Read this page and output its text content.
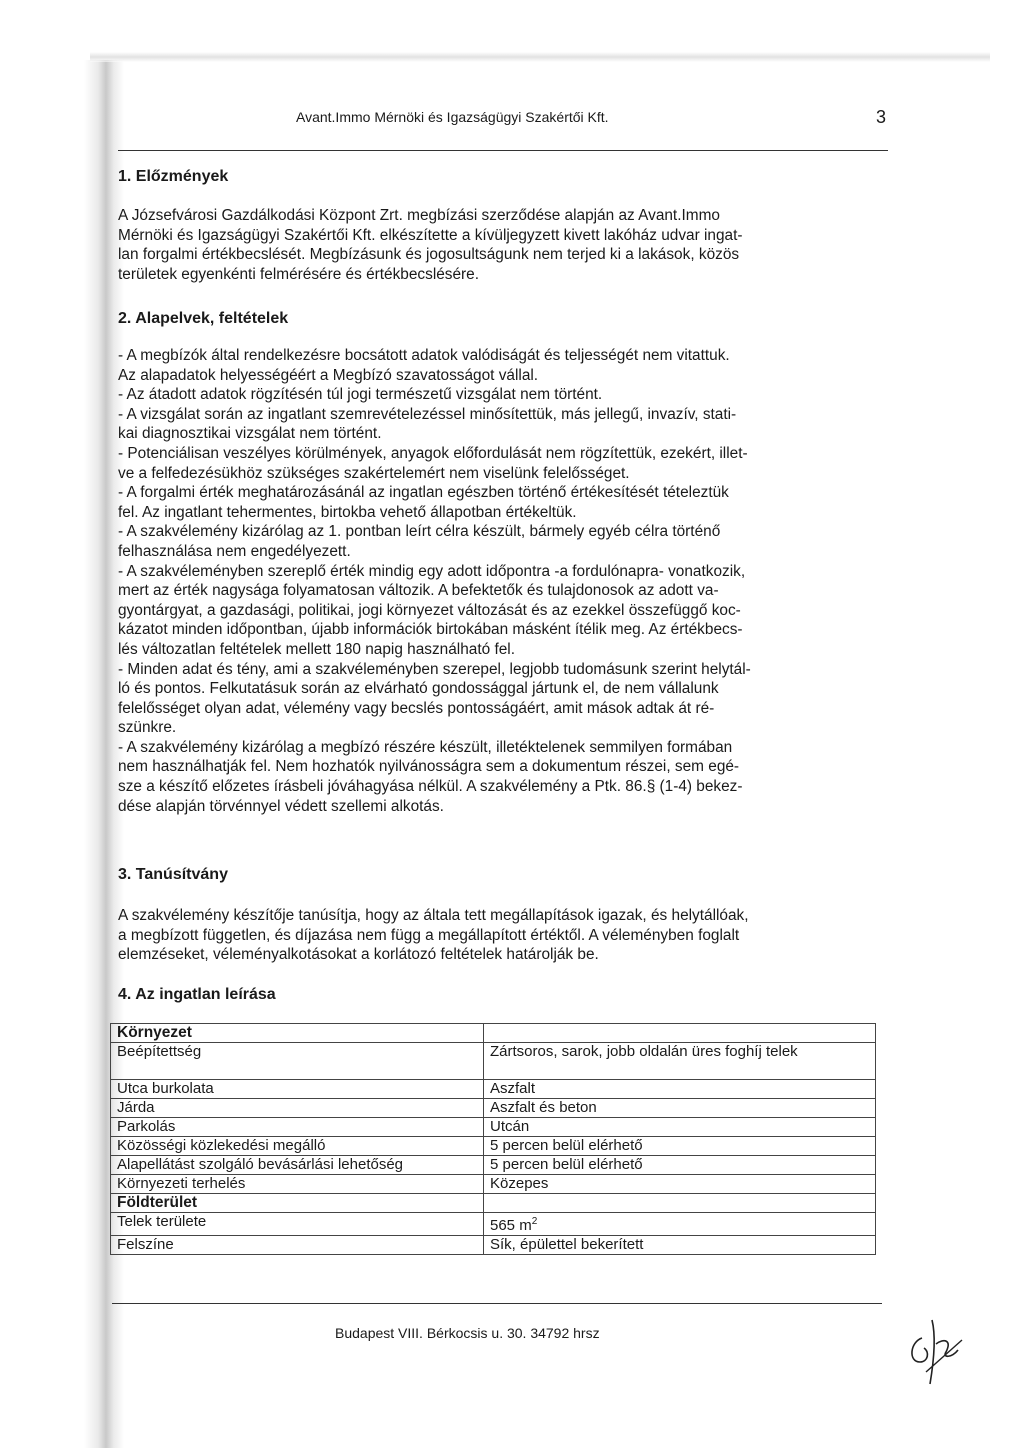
Avant.Immo Mérnöki és Igazságügyi Szakértői Kft.	3
1. Előzmények

A Józsefvárosi Gazdálkodási Központ Zrt. megbízási szerződése alapján az Avant.Immo

Mérnöki és Igazságügyi Szakértői Kft. elkészítette a kívüljegyzett kivett lakóház udvar ingat-

lan forgalmi értékbecslését. Megbízásunk és jogosultságunk nem terjed ki a lakások, közös

területek egyenkénti felmérésére és értékbecslésére.

2. Alapelvek, feltételek

- A megbízók által rendelkezésre bocsátott adatok valódiságát és teljességét nem vitattuk.

Az alapadatok helyességéért a Megbízó szavatosságot vállal.

- Az átadott adatok rögzítésén túl jogi természetű vizsgálat nem történt.

- A vizsgálat során az ingatlant szemrevételezéssel minősítettük, más jellegű, invazív, stati-

kai diagnosztikai vizsgálat nem történt.

- Potenciálisan veszélyes körülmények, anyagok előfordulását nem rögzítettük, ezekért, illet-

ve a felfedezésükhöz szükséges szakértelemért nem viselünk felelősséget.

- A forgalmi érték meghatározásánál az ingatlan egészben történő értékesítését tételeztük

fel. Az ingatlant tehermentes, birtokba vehető állapotban értékeltük.

- A szakvélemény kizárólag az 1. pontban leírt célra készült, bármely egyéb célra történő

felhasználása nem engedélyezett.

- A szakvéleményben szereplő érték mindig egy adott időpontra -a fordulónapra- vonatkozik,

mert az érték nagysága folyamatosan változik. A befektetők és tulajdonosok az adott va-

gyontárgyat, a gazdasági, politikai, jogi környezet változását és az ezekkel összefüggő koc-

kázatot minden időpontban, újabb információk birtokában másként ítélik meg. Az értékbecs-

lés változatlan feltételek mellett 180 napig használható fel.

- Minden adat és tény, ami a szakvéleményben szerepel, legjobb tudomásunk szerint helytál-

ló és pontos. Felkutatásuk során az elvárható gondossággal jártunk el, de nem vállalunk

felelősséget olyan adat, vélemény vagy becslés pontosságáért, amit mások adtak át ré-

szünkre.

- A szakvélemény kizárólag a megbízó részére készült, illetéktelenek semmilyen formában

nem használhatják fel. Nem hozhatók nyilvánosságra sem a dokumentum részei, sem egé-

sze a készítő előzetes írásbeli jóváhagyása nélkül. A szakvélemény a Ptk. 86.§ (1-4) bekez-

dése alapján törvénnyel védett szellemi alkotás.

3. Tanúsítvány

A szakvélemény készítője tanúsítja, hogy az általa tett megállapítások igazak, és helytállóak,

a megbízott független, és díjazása nem függ a megállapított értéktől. A véleményben foglalt

elemzéseket, véleményalkotásokat a korlátozó feltételek határolják be.

4. Az ingatlan leírása
Környezet	
Beépítettség	Zártsoros, sarok, jobb oldalán üres foghíj telek
Utca burkolata	Aszfalt
Járda	Aszfalt és beton
Parkolás	Utcán
Közösségi közlekedési megálló	5 percen belül elérhető
Alapellátást szolgáló bevásárlási lehetőség	5 percen belül elérhető
Környezeti terhelés	Közepes
Földterület	
Telek területe	565 $m^2$
Felszíne	Sík, épülettel bekerített
Budapest VIII. Bérkocsis u. 30. 34792 hrsz
